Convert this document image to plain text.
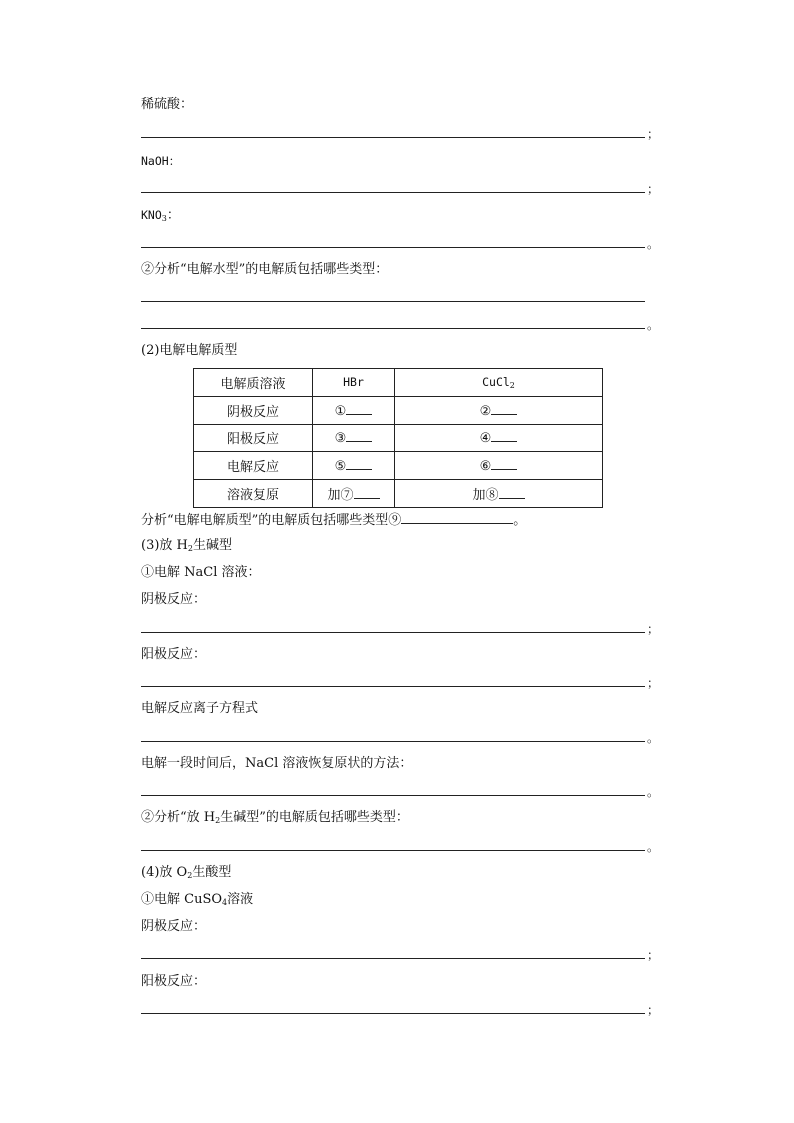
稀硫酸：
；
NaOH：
；
$KNO_3$：
。
②分析“电解水型”的电解质包括哪些类型：
。
(2)电解电解质型
电解质溶液	HBr	CuCl$_2$
阴极反应	①	②
阳极反应	③	④
电解反应	⑤	⑥
溶液复原	加⑦	加⑧
分析“电解电解质型”的电解质包括哪些类型⑨	。
(3)放 $H_2$生碱型
①电解 NaCl 溶液：
阴极反应：
；
阳极反应：
；
电解反应离子方程式
。
电解一段时间后，NaCl 溶液恢复原状的方法：
。
②分析“放 $H_2$生碱型”的电解质包括哪些类型：
。
(4)放 $O_2$生酸型
①电解 CuSO$_4$溶液
阴极反应：
；
阳极反应：
；
